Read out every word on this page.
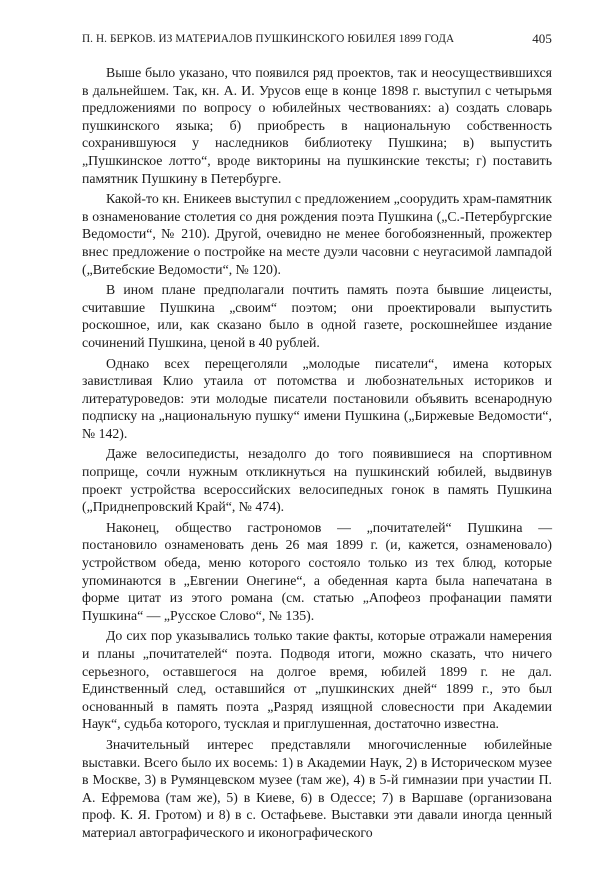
П. Н. БЕРКОВ. ИЗ МАТЕРИАЛОВ ПУШКИНСКОГО ЮБИЛЕЯ 1899 ГОДА	405

Выше было указано, что появился ряд проектов, так и неосуществившихся в дальнейшем. Так, кн. А. И. Урусов еще в конце 1898 г. выступил с четырьмя предложениями по вопросу о юбилейных чествованиях: а) создать словарь пушкинского языка; б) приобресть в национальную собственность сохранившуюся у наследников библиотеку Пушкина; в) выпустить „Пушкинское лотто“, вроде викторины на пушкинские тексты; г) поставить памятник Пушкину в Петербурге.

Какой-то кн. Еникеев выступил с предложением „соорудить храм-памятник в ознаменование столетия со дня рождения поэта Пушкина („С.-Петербургские Ведомости“, № 210). Другой, очевидно не менее богобоязненный, прожектер внес предложение о постройке на месте дуэли часовни с неугасимой лампадой („Витебские Ведомости“, № 120).

В ином плане предполагали почтить память поэта бывшие лицеисты, считавшие Пушкина „своим“ поэтом; они проектировали выпустить роскошное, или, как сказано было в одной газете, роскошнейшее издание сочинений Пушкина, ценой в 40 рублей.

Однако всех перещеголяли „молодые писатели“, имена которых завистливая Клио утаила от потомства и любознательных историков и литературоведов: эти молодые писатели постановили объявить всенародную подписку на „национальную пушку“ имени Пушкина („Биржевые Ведомости“, № 142).

Даже велосипедисты, незадолго до того появившиеся на спортивном поприще, сочли нужным откликнуться на пушкинский юбилей, выдвинув проект устройства всероссийских велосипедных гонок в память Пушкина („Приднепровский Край“, № 474).

Наконец, общество гастрономов — „почитателей“ Пушкина — постановило ознаменовать день 26 мая 1899 г. (и, кажется, ознаменовало) устройством обеда, меню которого состояло только из тех блюд, которые упоминаются в „Евгении Онегине“, а обеденная карта была напечатана в форме цитат из этого романа (см. статью „Апофеоз профанации памяти Пушкина“ — „Русское Слово“, № 135).

До сих пор указывались только такие факты, которые отражали намерения и планы „почитателей“ поэта. Подводя итоги, можно сказать, что ничего серьезного, оставшегося на долгое время, юбилей 1899 г. не дал. Единственный след, оставшийся от „пушкинских дней“ 1899 г., это был основанный в память поэта „Разряд изящной словесности при Академии Наук“, судьба которого, тусклая и приглушенная, достаточно известна.

Значительный интерес представляли многочисленные юбилейные выставки. Всего было их восемь: 1) в Академии Наук, 2) в Историческом музее в Москве, 3) в Румянцевском музее (там же), 4) в 5-й гимназии при участии П. А. Ефремова (там же), 5) в Киеве, 6) в Одессе; 7) в Варшаве (организована проф. К. Я. Гротом) и 8) в с. Остафьеве. Выставки эти давали иногда ценный материал автографического и иконографического
